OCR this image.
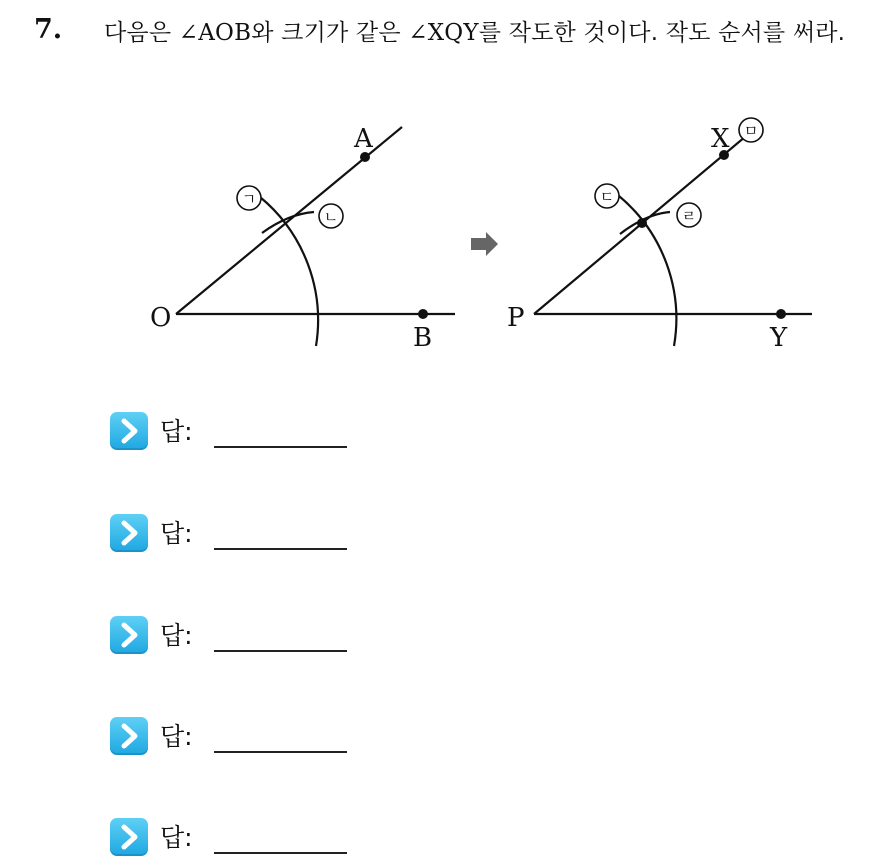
7. 다음은 ∠AOB와 크기가 같은 ∠XQY를 작도한 것이다. 작도 순서를 써라.
A
O
B
ㄱ
ㄴ
X
P
Y
ㅁ
ㄷ
ㄹ
답:
답:
답:
답:
답:
